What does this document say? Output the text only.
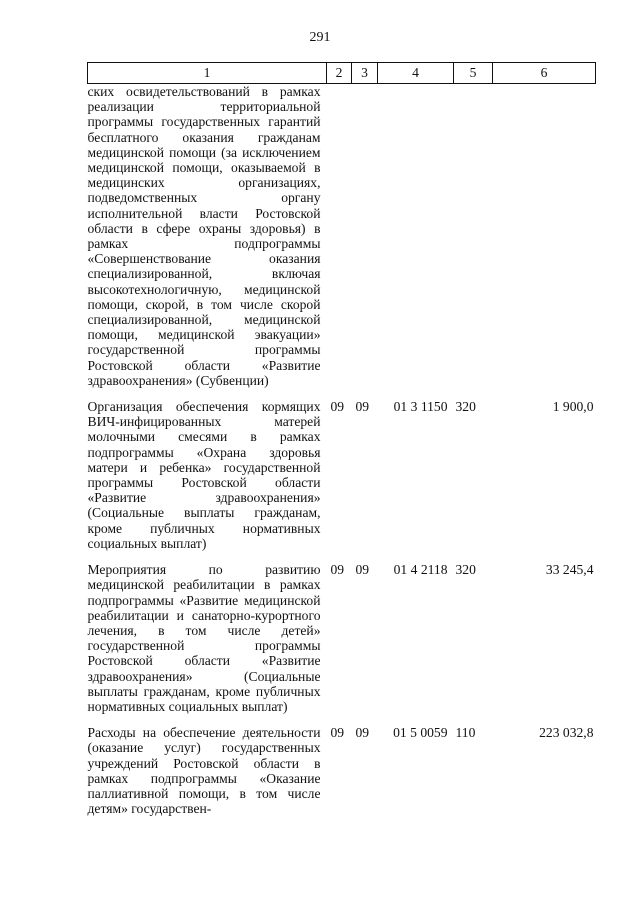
291
1	2	3	4	5	6
ских освидетельствований в рамках реализации территориальной программы государственных гарантий бесплатного оказания гражданам медицинской помощи (за исключением медицинской помощи, оказываемой в медицинских организациях, подведомственных органу исполнительной власти Ростовской области в сфере охраны здоровья) в рамках подпрограммы «Совершенствование оказания специализированной, включая высокотехнологичную, медицинской помощи, скорой, в том числе скорой специализированной, медицинской помощи, медицинской эвакуации» государственной программы Ростовской области «Развитие здравоохранения» (Субвенции)					
Организация обеспечения кормящих ВИЧ-инфицированных матерей молочными смесями в рамках подпрограммы «Охрана здоровья матери и ребенка» государственной программы Ростовской области «Развитие здравоохранения» (Социальные выплаты гражданам, кроме публичных нормативных социальных выплат)	09	09	01 3 1150	320	1 900,0
Мероприятия по развитию медицинской реабилитации в рамках подпрограммы «Развитие медицинской реабилитации и санаторно-курортного лечения, в том числе детей» государственной программы Ростовской области «Развитие здравоохранения» (Социальные выплаты гражданам, кроме публичных нормативных социальных выплат)	09	09	01 4 2118	320	33 245,4
Расходы на обеспечение деятельности (оказание услуг) государственных учреждений Ростовской области в рамках подпрограммы «Оказание паллиативной помощи, в том числе детям» государствен-	09	09	01 5 0059	110	223 032,8
